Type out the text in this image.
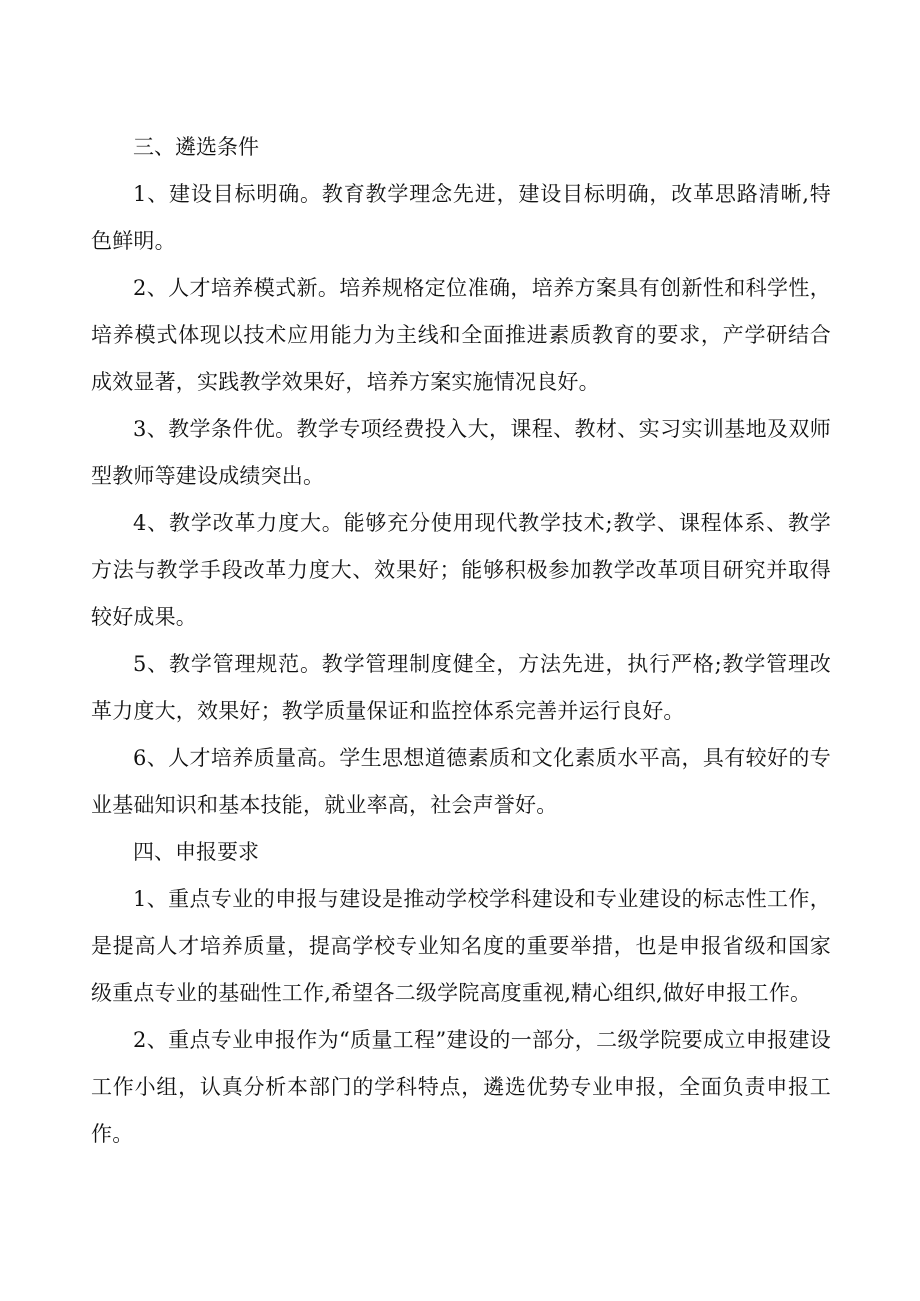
三、遴选条件

1、建设目标明确。教育教学理念先进，建设目标明确，改革思路清晰,特色鲜明。

2、人才培养模式新。培养规格定位准确，培养方案具有创新性和科学性，培养模式体现以技术应用能力为主线和全面推进素质教育的要求，产学研结合成效显著，实践教学效果好，培养方案实施情况良好。

3、教学条件优。教学专项经费投入大，课程、教材、实习实训基地及双师型教师等建设成绩突出。

4、教学改革力度大。能够充分使用现代教学技术;教学、课程体系、教学方法与教学手段改革力度大、效果好；能够积极参加教学改革项目研究并取得较好成果。

5、教学管理规范。教学管理制度健全，方法先进，执行严格;教学管理改革力度大，效果好；教学质量保证和监控体系完善并运行良好。

6、人才培养质量高。学生思想道德素质和文化素质水平高，具有较好的专业基础知识和基本技能，就业率高，社会声誉好。

四、申报要求

1、重点专业的申报与建设是推动学校学科建设和专业建设的标志性工作，是提高人才培养质量，提高学校专业知名度的重要举措，也是申报省级和国家级重点专业的基础性工作,希望各二级学院高度重视,精心组织,做好申报工作。

2、重点专业申报作为“质量工程”建设的一部分，二级学院要成立申报建设工作小组，认真分析本部门的学科特点，遴选优势专业申报，全面负责申报工作。
